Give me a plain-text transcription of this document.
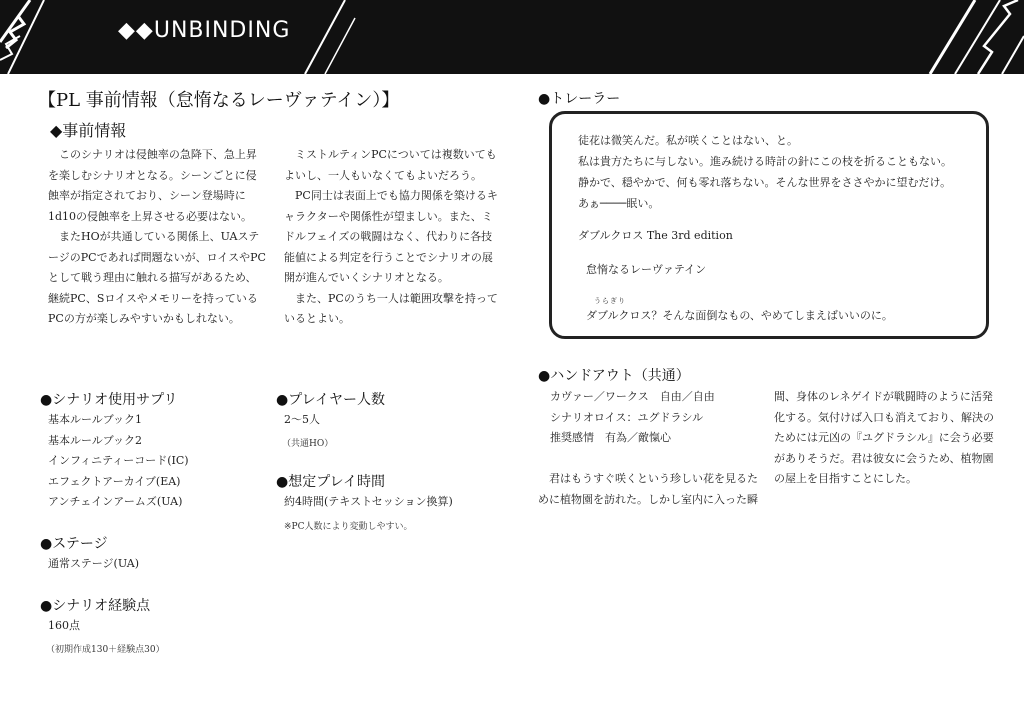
◆◆UNBINDING
【PL 事前情報（怠惰なるレーヴァテイン）】
◆事前情報

このシナリオは侵蝕率の急降下、急上昇を楽しむシナリオとなる。シーンごとに侵蝕率が指定されており、シーン登場時に1d10の侵蝕率を上昇させる必要はない。

またHOが共通している関係上、UAステージのPCであれば問題ないが、ロイスやPCとして戦う理由に触れる描写があるため、継続PC、Sロイスやメモリーを持っているPCの方が楽しみやすいかもしれない。

ミストルティンPCについては複数いてもよいし、一人もいなくてもよいだろう。

PC同士は表面上でも協力関係を築けるキャラクターや関係性が望ましい。また、ミドルフェイズの戦闘はなく、代わりに各技能値による判定を行うことでシナリオの展開が進んでいくシナリオとなる。

また、PCのうち一人は範囲攻撃を持っているとよい。

●シナリオ使用サプリ
基本ルールブック1
基本ルールブック2
インフィニティーコード(IC)
エフェクトアーカイブ(EA)
アンチェインアームズ(UA)
●プレイヤー人数
2～5人
（共通HO）
●想定プレイ時間
約4時間(テキストセッション換算)
※PC人数により変動しやすい。
●ステージ
通常ステージ(UA)
●シナリオ経験点
160点
（初期作成130＋経験点30）
●トレーラー
徒花は微笑んだ。私が咲くことはない、と。
私は貴方たちに与しない。進み続ける時計の針にこの枝を折ることもない。
静かで、穏やかで、何も零れ落ちない。そんな世界をささやかに望むだけ。
あぁ────眠い。
ダブルクロス The 3rd edition
怠惰なるレーヴァテイン
うらぎり
ダブルクロス？そんな面倒なもの、やめてしまえばいいのに。
●ハンドアウト（共通）
カヴァー／ワークス　自由／自由
シナリオロイス：ユグドラシル
推奨感情　有為／敵愾心
君はもうすぐ咲くという珍しい花を見るた
めに植物園を訪れた。しかし室内に入った瞬
間、身体のレネゲイドが戦闘時のように活発
化する。気付けば入口も消えており、解決の
ためには元凶の『ユグドラシル』に会う必要
がありそうだ。君は彼女に会うため、植物園
の屋上を目指すことにした。
